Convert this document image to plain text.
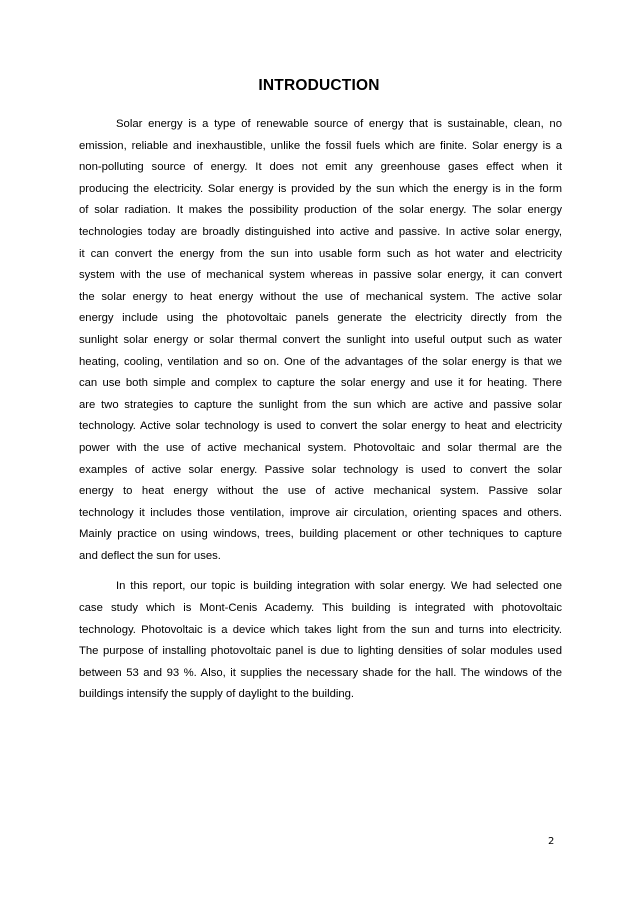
INTRODUCTION

Solar energy is a type of renewable source of energy that is sustainable, clean, no
emission, reliable and inexhaustible, unlike the fossil fuels which are finite. Solar energy is a
non-polluting source of energy. It does not emit any greenhouse gases effect when it
producing the electricity. Solar energy is provided by the sun which the energy is in the form
of solar radiation. It makes the possibility production of the solar energy. The solar energy
technologies today are broadly distinguished into active and passive. In active solar energy,
it can convert the energy from the sun into usable form such as hot water and electricity
system with the use of mechanical system whereas in passive solar energy, it can convert
the solar energy to heat energy without the use of mechanical system. The active solar
energy include using the photovoltaic panels generate the electricity directly from the
sunlight solar energy or solar thermal convert the sunlight into useful output such as water
heating, cooling, ventilation and so on. One of the advantages of the solar energy is that we
can use both simple and complex to capture the solar energy and use it for heating. There
are two strategies to capture the sunlight from the sun which are active and passive solar
technology. Active solar technology is used to convert the solar energy to heat and electricity
power with the use of active mechanical system. Photovoltaic and solar thermal are the
examples of active solar energy. Passive solar technology is used to convert the solar
energy to heat energy without the use of active mechanical system. Passive solar
technology it includes those ventilation, improve air circulation, orienting spaces and others.
Mainly practice on using windows, trees, building placement or other techniques to capture
and deflect the sun for uses.

In this report, our topic is building integration with solar energy. We had selected one
case study which is Mont-Cenis Academy. This building is integrated with photovoltaic
technology. Photovoltaic is a device which takes light from the sun and turns into electricity.
The purpose of installing photovoltaic panel is due to lighting densities of solar modules used
between 53 and 93 %. Also, it supplies the necessary shade for the hall. The windows of the
buildings intensify the supply of daylight to the building.

2
